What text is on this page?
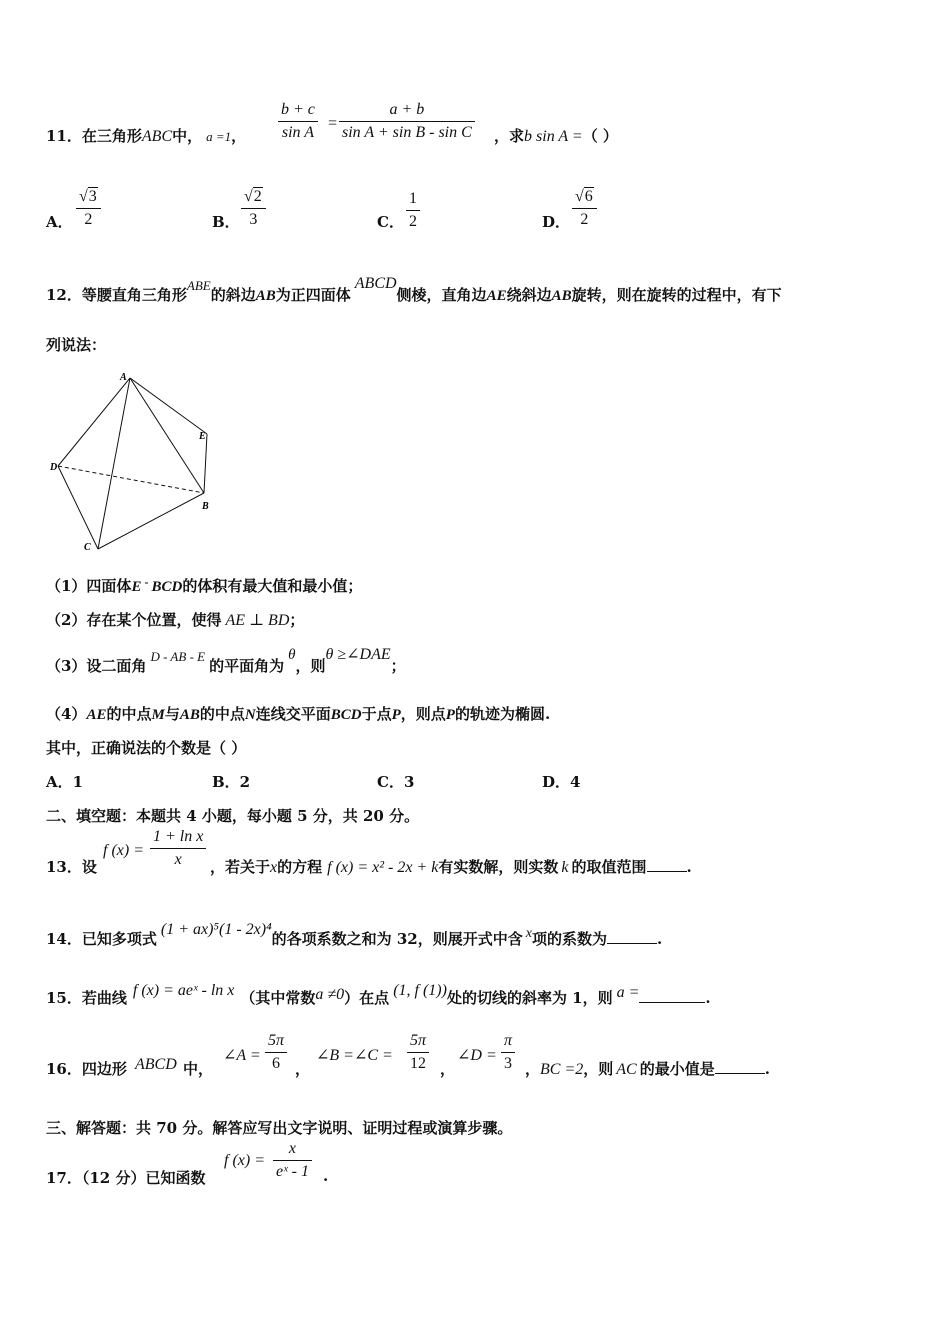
11．在三角形ABC中， a =1， $\frac{b + c}{\text{sin A}} = \frac{a + b}{\text{sin A + sin B - sin C}}$ ，求b sin A =（ ）
A． $\frac{√3}{2}$	B． $\frac{√2}{3}$	C． $\frac{1}{2}$	D． $\frac{√6}{2}$
12．等腰直角三角形ABE的斜边AB为正四面体ABCD侧棱，直角边AE绕斜边AB旋转，则在旋转的过程中，有下
列说法：
A
E
D
B
C
（1）四面体E - BCD的体积有最大值和最小值；
（2）存在某个位置，使得 AE ⊥ BD；
（3）设二面角D - AB - E的平面角为θ，则θ ≥∠DAE；
（4）AE的中点M与AB的中点N连线交平面BCD于点P，则点P的轨迹为椭圆.
其中，正确说法的个数是（ ）
A．1	B．2	C．3	D．4
二、填空题：本题共 4 小题，每小题 5 分，共 20 分。
13．设
f $(x) = \frac{\text{1 + ln x}}{x}$ ，若关于x的方程 f (x) = x² - 2x + k有实数解，则实数 k 的取值范围	.
14．已知多项式(1 + ax)⁵(1 - 2x)⁴的各项系数之和为 32，则展开式中含 x项的系数为	.
15．若曲线 f (x) = aeˣ - ln x （其中常数a ≠0）在点 (1, f (1))处的切线的斜率为 1，则 a =	.
16．四边形 ABCD 中，
∠A = $\frac{5\pi}{6}$ ，
∠B =∠C = $\frac{5\pi}{12}$ ，
∠D = $\frac{\pi}{3}$ ，BC =2，则 AC 的最小值是	.
三、解答题：共 70 分。解答应写出文字说明、证明过程或演算步骤。
17．（12 分）已知函数
f $(x) = \frac{x}{\text{eˣ - 1}}$ .
